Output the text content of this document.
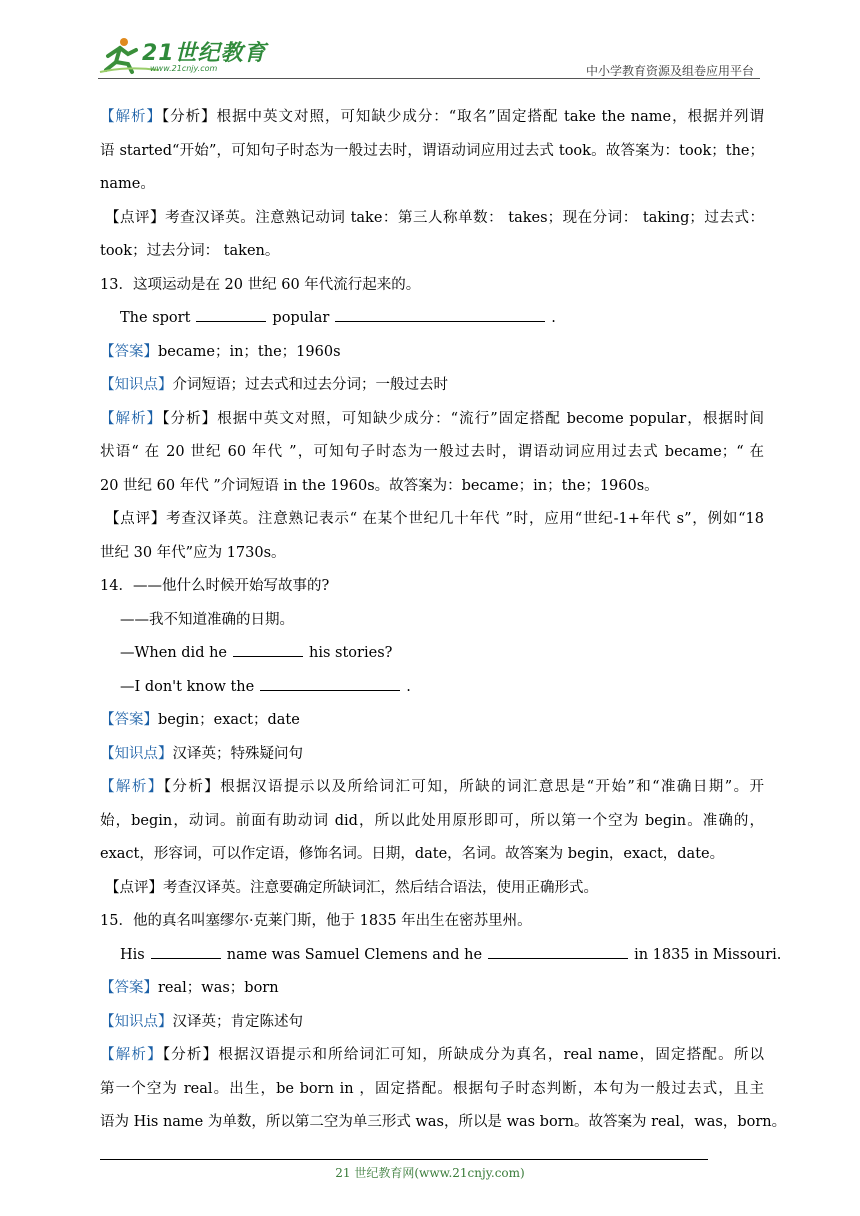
21世纪教育
www.21cnjy.com	中小学教育资源及组卷应用平台
【解析】【分析】根据中英文对照，可知缺少成分：“取名”固定搭配 take the name，根据并列谓
语 started“开始”，可知句子时态为一般过去时，谓语动词应用过去式 took。故答案为：took；the；
name。
【点评】考查汉译英。注意熟记动词 take：第三人称单数： takes；现在分词： taking；过去式：
took；过去分词： taken。
13．这项运动是在 20 世纪 60 年代流行起来的。
The sport	popular	.
【答案】became；in；the；1960s
【知识点】介词短语；过去式和过去分词；一般过去时
【解析】【分析】根据中英文对照，可知缺少成分：“流行”固定搭配 become popular，根据时间
状语“ 在 20 世纪 60 年代 ”，可知句子时态为一般过去时，谓语动词应用过去式 became；“ 在
20 世纪 60 年代 ”介词短语 in the 1960s。故答案为：became；in；the；1960s。
【点评】考查汉译英。注意熟记表示“ 在某个世纪几十年代 ”时，应用“世纪-1+年代 s”，例如“18
世纪 30 年代”应为 1730s。
14．——他什么时候开始写故事的?
——我不知道准确的日期。
—When did he	his stories?
—I don't know the	.
【答案】begin；exact；date
【知识点】汉译英；特殊疑问句
【解析】【分析】根据汉语提示以及所给词汇可知，所缺的词汇意思是“开始”和“准确日期”。开
始，begin，动词。前面有助动词 did，所以此处用原形即可，所以第一个空为 begin。准确的，
exact，形容词，可以作定语，修饰名词。日期，date，名词。故答案为 begin，exact，date。
【点评】考查汉译英。注意要确定所缺词汇，然后结合语法，使用正确形式。
15．他的真名叫塞缪尔·克莱门斯，他于 1835 年出生在密苏里州。
His	name was Samuel Clemens and he	in 1835 in Missouri.
【答案】real；was；born
【知识点】汉译英；肯定陈述句
【解析】【分析】根据汉语提示和所给词汇可知，所缺成分为真名，real name，固定搭配。所以
第一个空为 real。出生，be born in ，固定搭配。根据句子时态判断，本句为一般过去式，且主
语为 His name 为单数，所以第二空为单三形式 was，所以是 was born。故答案为 real，was，born。
21 世纪教育网(www.21cnjy.com)
